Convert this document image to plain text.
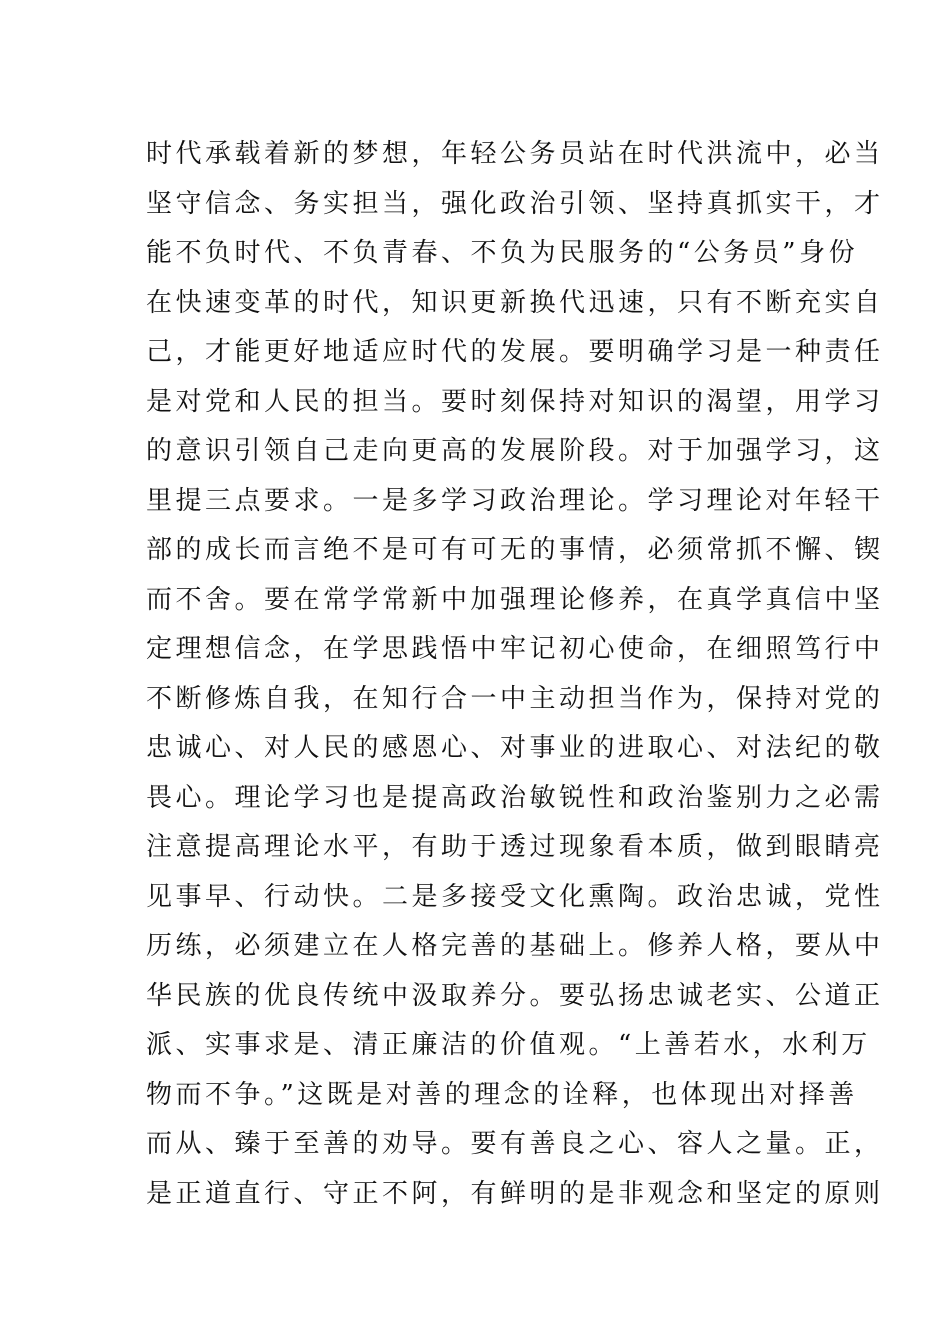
时代承载着新的梦想，年轻公务员站在时代洪流中，必当
坚守信念、务实担当，强化政治引领、坚持真抓实干，才
能不负时代、不负青春、不负为民服务的“公务员”身份
在快速变革的时代，知识更新换代迅速，只有不断充实自
己，才能更好地适应时代的发展。要明确学习是一种责任
是对党和人民的担当。要时刻保持对知识的渴望，用学习
的意识引领自己走向更高的发展阶段。对于加强学习，这
里提三点要求。一是多学习政治理论。学习理论对年轻干
部的成长而言绝不是可有可无的事情，必须常抓不懈、锲
而不舍。要在常学常新中加强理论修养，在真学真信中坚
定理想信念，在学思践悟中牢记初心使命，在细照笃行中
不断修炼自我，在知行合一中主动担当作为，保持对党的
忠诚心、对人民的感恩心、对事业的进取心、对法纪的敬
畏心。理论学习也是提高政治敏锐性和政治鉴别力之必需
注意提高理论水平，有助于透过现象看本质，做到眼睛亮
见事早、行动快。二是多接受文化熏陶。政治忠诚，党性
历练，必须建立在人格完善的基础上。修养人格，要从中
华民族的优良传统中汲取养分。要弘扬忠诚老实、公道正
派、实事求是、清正廉洁的价值观。“上善若水，水利万
物而不争。”这既是对善的理念的诠释，也体现出对择善
而从、臻于至善的劝导。要有善良之心、容人之量。正，
是正道直行、守正不阿，有鲜明的是非观念和坚定的原则
